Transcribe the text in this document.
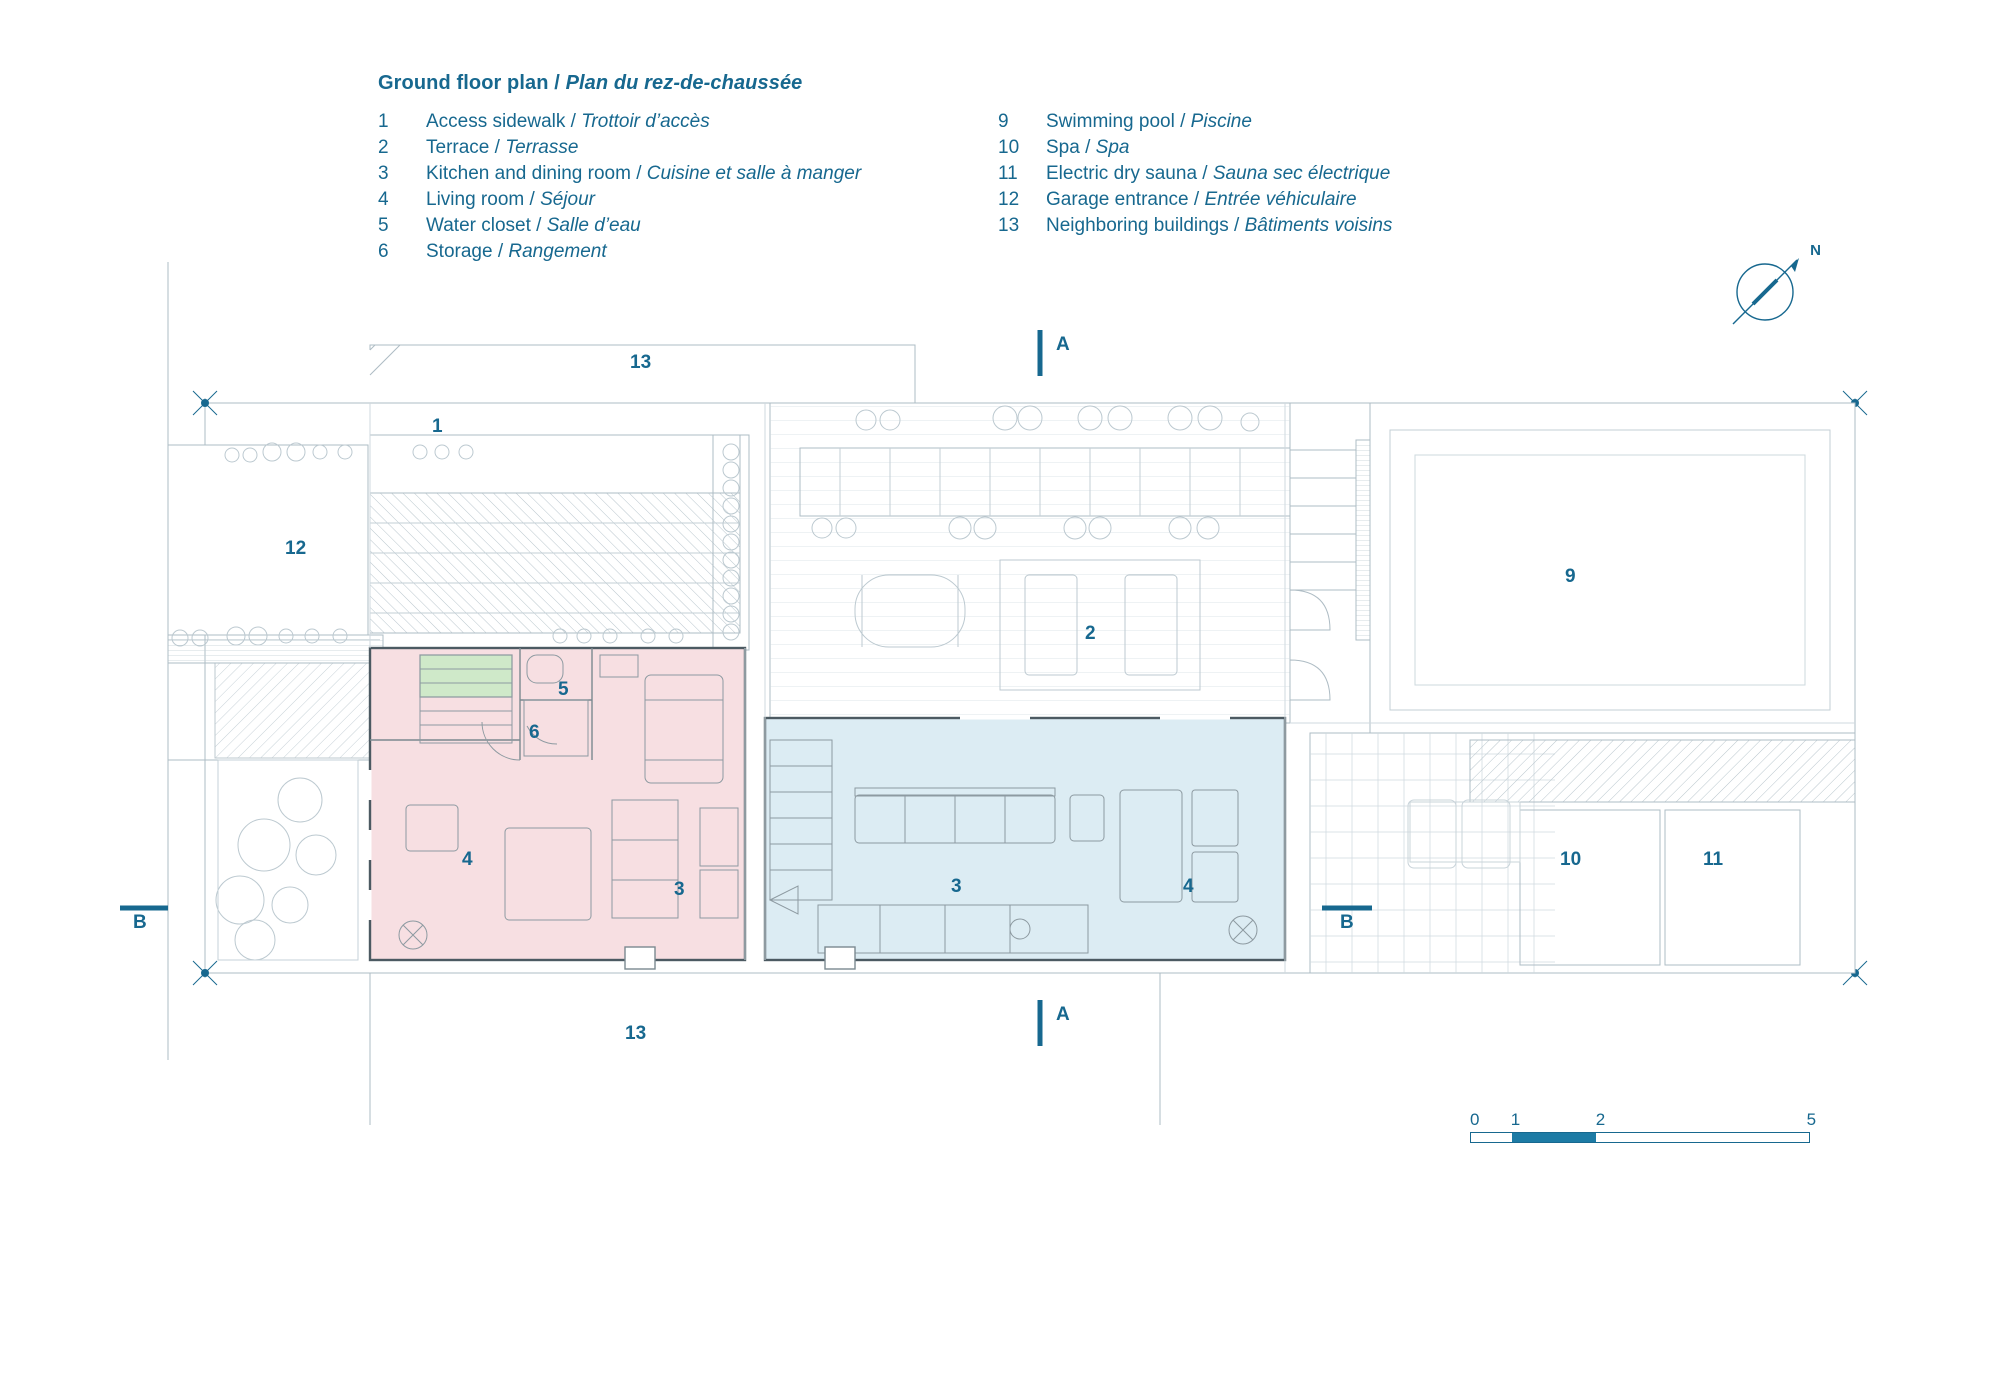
Ground floor plan / Plan du rez-de-chaussée
1	Access sidewalk / Trottoir d’accès
2	Terrace / Terrasse
3	Kitchen and dining room / Cuisine et salle à manger
4	Living room / Séjour
5	Water closet / Salle d’eau
6	Storage / Rangement
9	Swimming pool / Piscine
10	Spa / Spa
11	Electric dry sauna / Sauna sec électrique
12	Garage entrance / Entrée véhiculaire
13	Neighboring buildings / Bâtiments voisins
13
1
12
9
2
5
6
4
3	3	4
10	11
13
A
A
B	B
N
0 1	2	5
